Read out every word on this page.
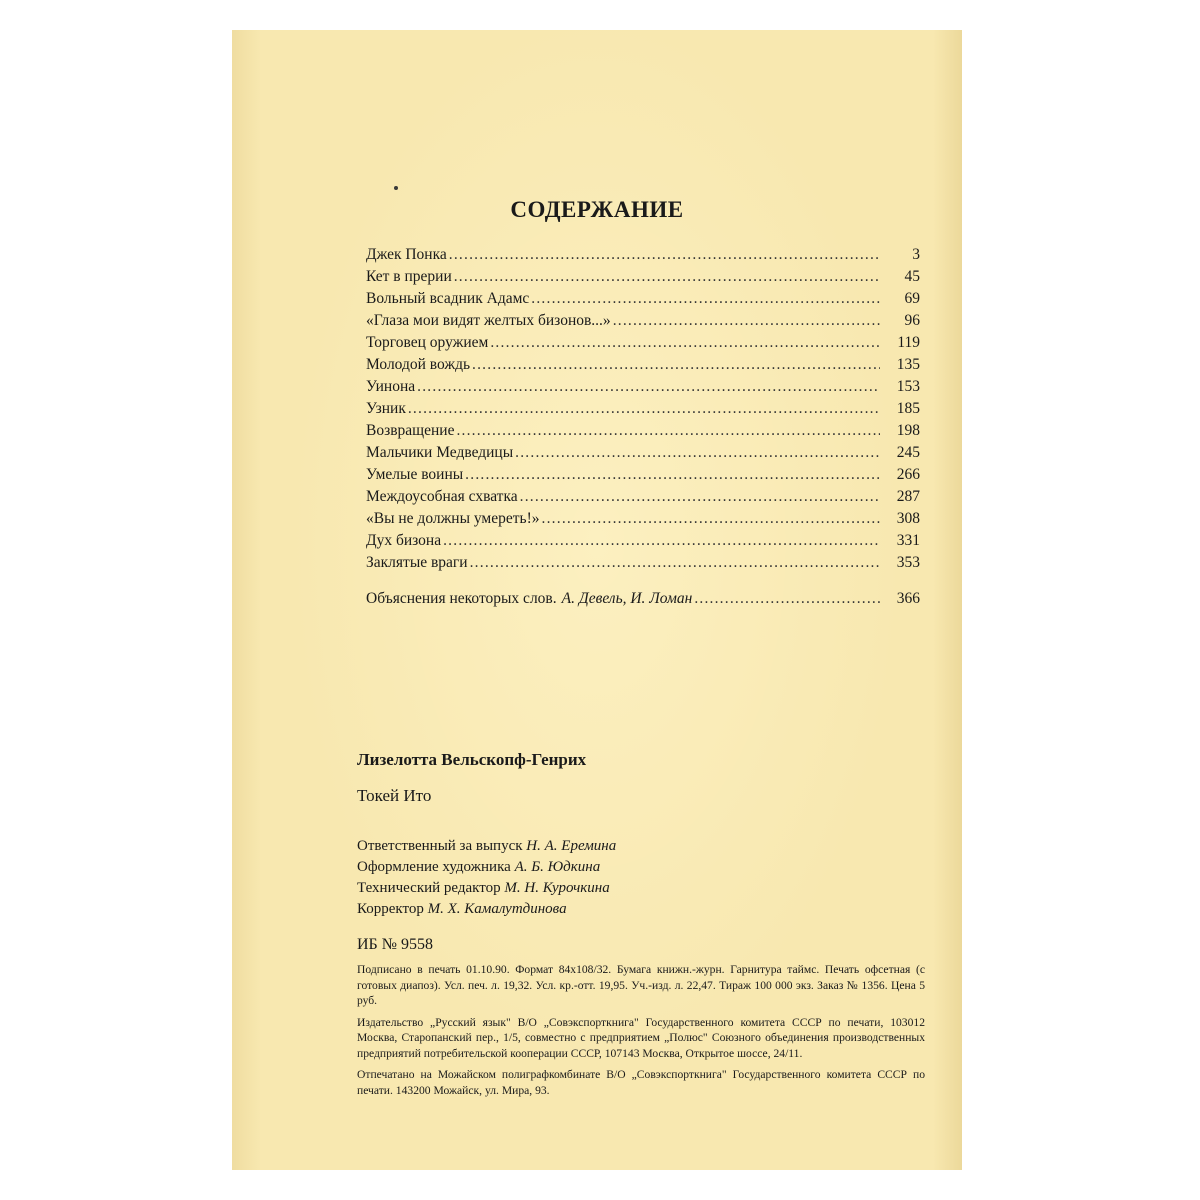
СОДЕРЖАНИЕ
Джек Понка .....	3
Кет в прерии .....	45
Вольный всадник Адамс .....	69
«Глаза мои видят желтых бизонов...» .....	96
Торговец оружием .....	119
Молодой вождь .....	135
Уинона .....	153
Узник .....	185
Возвращение .....	198
Мальчики Медведицы .....	245
Умелые воины .....	266
Междоусобная схватка .....	287
«Вы не должны умереть!» .....	308
Дух бизона .....	331
Заклятые враги .....	353
Объяснения некоторых слов. А. Девель, И. Ломан .....	366
Лизелотта Вельскопф-Генрих
Токей Ито
Ответственный за выпуск Н. А. Еремина
Оформление художника А. Б. Юдкина
Технический редактор М. Н. Курочкина
Корректор М. Х. Камалутдинова

ИБ № 9558

Подписано в печать 01.10.90. Формат 84x108/32. Бумага книжн.-журн. Гарнитура таймс. Печать офсетная (с готовых диапоз). Усл. печ. л. 19,32. Усл. кр.-отт. 19,95. Уч.-изд. л. 22,47. Тираж 100 000 экз. Заказ № 1356. Цена 5 руб.

Издательство „Русский язык" В/О „Совэкспорткнига" Государственного комитета СССР по печати, 103012 Москва, Старопанский пер., 1/5, совместно с предприятием „Полюс" Союзного объединения производственных предприятий потребительской кооперации СССР, 107143 Москва, Открытое шоссе, 24/11.

Отпечатано на Можайском полиграфкомбинате В/О „Совэкспорткнига" Государственного комитета СССР по печати. 143200 Можайск, ул. Мира, 93.
